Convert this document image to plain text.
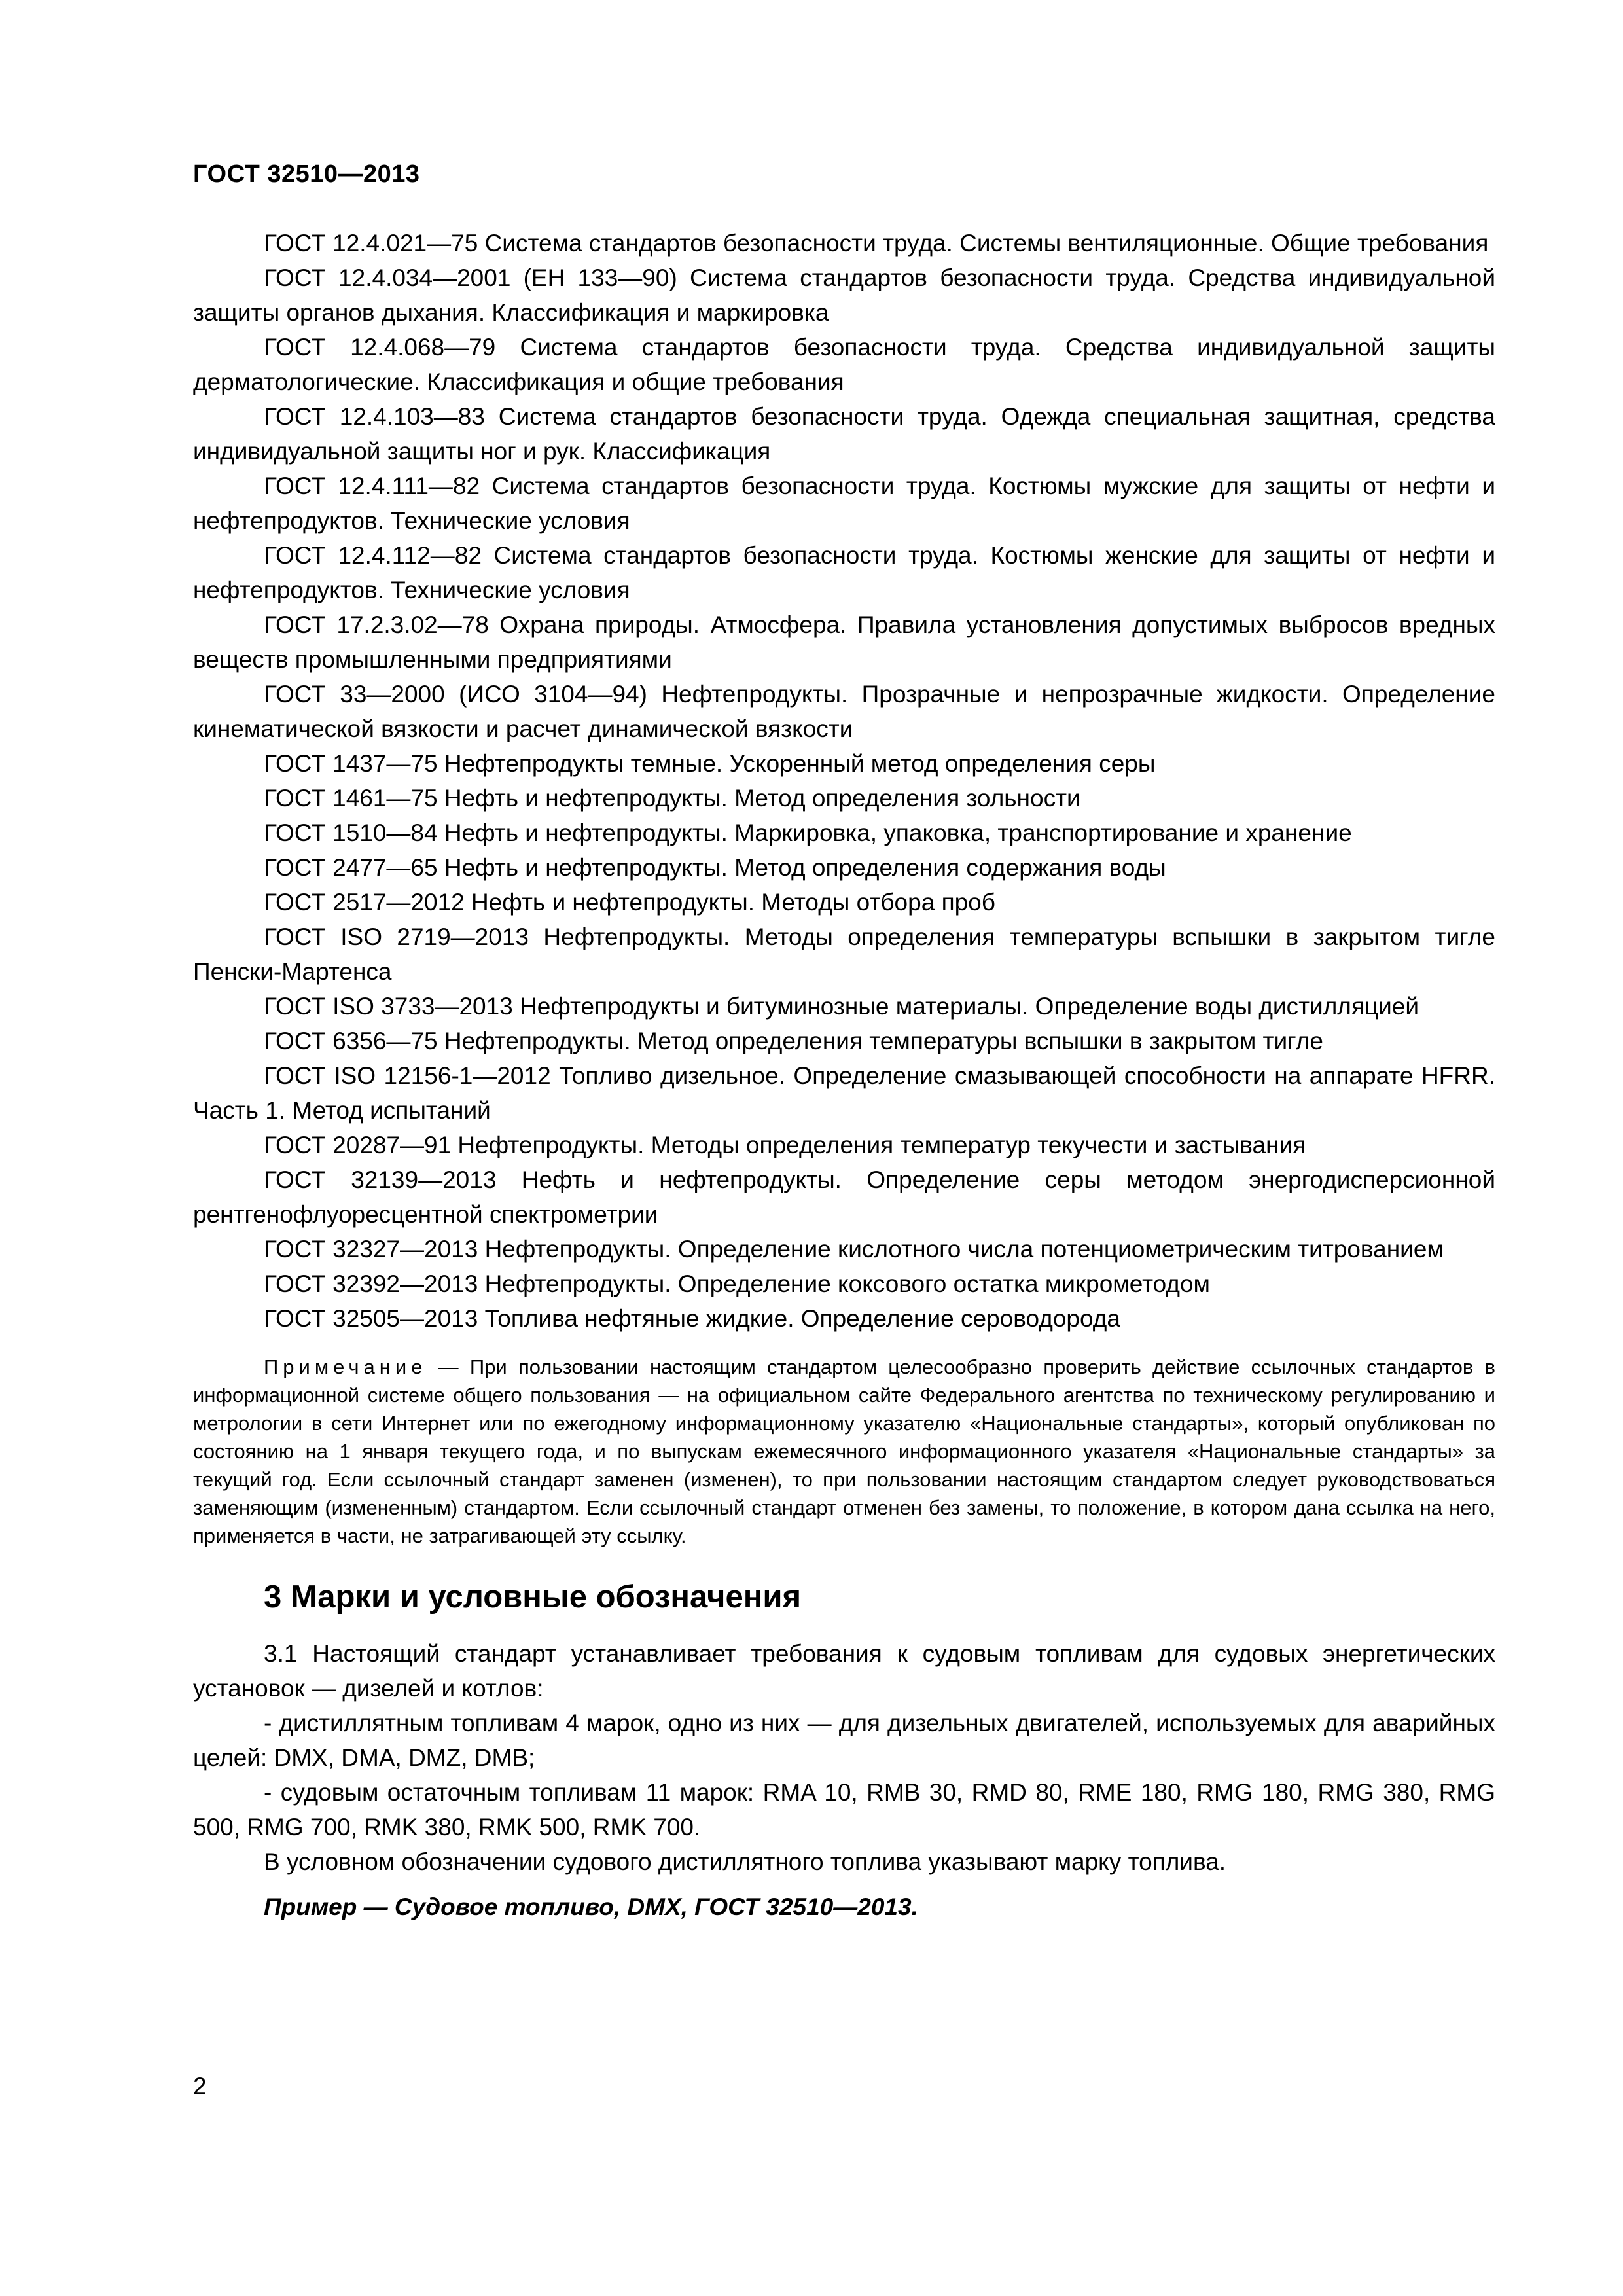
ГОСТ 32510—2013

ГОСТ 12.4.021—75 Система стандартов безопасности труда. Системы вентиляционные. Общие требования

ГОСТ 12.4.034—2001 (ЕН 133—90) Система стандартов безопасности труда. Средства индивидуальной защиты органов дыхания. Классификация и маркировка

ГОСТ 12.4.068—79 Система стандартов безопасности труда. Средства индивидуальной защиты дерматологические. Классификация и общие требования

ГОСТ 12.4.103—83 Система стандартов безопасности труда. Одежда специальная защитная, средства индивидуальной защиты ног и рук. Классификация

ГОСТ 12.4.111—82 Система стандартов безопасности труда. Костюмы мужские для защиты от нефти и нефтепродуктов. Технические условия

ГОСТ 12.4.112—82 Система стандартов безопасности труда. Костюмы женские для защиты от нефти и нефтепродуктов. Технические условия

ГОСТ 17.2.3.02—78 Охрана природы. Атмосфера. Правила установления допустимых выбросов вредных веществ промышленными предприятиями

ГОСТ 33—2000 (ИСО 3104—94) Нефтепродукты. Прозрачные и непрозрачные жидкости. Определение кинематической вязкости и расчет динамической вязкости

ГОСТ 1437—75 Нефтепродукты темные. Ускоренный метод определения серы

ГОСТ 1461—75 Нефть и нефтепродукты. Метод определения зольности

ГОСТ 1510—84 Нефть и нефтепродукты. Маркировка, упаковка, транспортирование и хранение

ГОСТ 2477—65 Нефть и нефтепродукты. Метод определения содержания воды

ГОСТ 2517—2012 Нефть и нефтепродукты. Методы отбора проб

ГОСТ ISO 2719—2013 Нефтепродукты. Методы определения температуры вспышки в закрытом тигле Пенски-Мартенса

ГОСТ ISO 3733—2013 Нефтепродукты и битуминозные материалы. Определение воды дистилляцией

ГОСТ 6356—75 Нефтепродукты. Метод определения температуры вспышки в закрытом тигле

ГОСТ ISO 12156-1—2012 Топливо дизельное. Определение смазывающей способности на аппарате HFRR. Часть 1. Метод испытаний

ГОСТ 20287—91 Нефтепродукты. Методы определения температур текучести и застывания

ГОСТ 32139—2013 Нефть и нефтепродукты. Определение серы методом энергодисперсионной рентгенофлуоресцентной спектрометрии

ГОСТ 32327—2013 Нефтепродукты. Определение кислотного числа потенциометрическим титрованием

ГОСТ 32392—2013 Нефтепродукты. Определение коксового остатка микрометодом

ГОСТ 32505—2013 Топлива нефтяные жидкие. Определение сероводорода

Примечание — При пользовании настоящим стандартом целесообразно проверить действие ссылочных стандартов в информационной системе общего пользования — на официальном сайте Федерального агентства по техническому регулированию и метрологии в сети Интернет или по ежегодному информационному указателю «Национальные стандарты», который опубликован по состоянию на 1 января текущего года, и по выпускам ежемесячного информационного указателя «Национальные стандарты» за текущий год. Если ссылочный стандарт заменен (изменен), то при пользовании настоящим стандартом следует руководствоваться заменяющим (измененным) стандартом. Если ссылочный стандарт отменен без замены, то положение, в котором дана ссылка на него, применяется в части, не затрагивающей эту ссылку.
3 Марки и условные обозначения

3.1 Настоящий стандарт устанавливает требования к судовым топливам для судовых энергетических установок — дизелей и котлов:

- дистиллятным топливам 4 марок, одно из них — для дизельных двигателей, используемых для аварийных целей: DMX, DMA, DMZ, DMB;

- судовым остаточным топливам 11 марок: RMA 10, RMB 30, RMD 80, RME 180, RMG 180, RMG 380, RMG 500, RMG 700, RMK 380, RMK 500, RMK 700.

В условном обозначении судового дистиллятного топлива указывают марку топлива.

Пример — Судовое топливо, DMX, ГОСТ 32510—2013.

2
